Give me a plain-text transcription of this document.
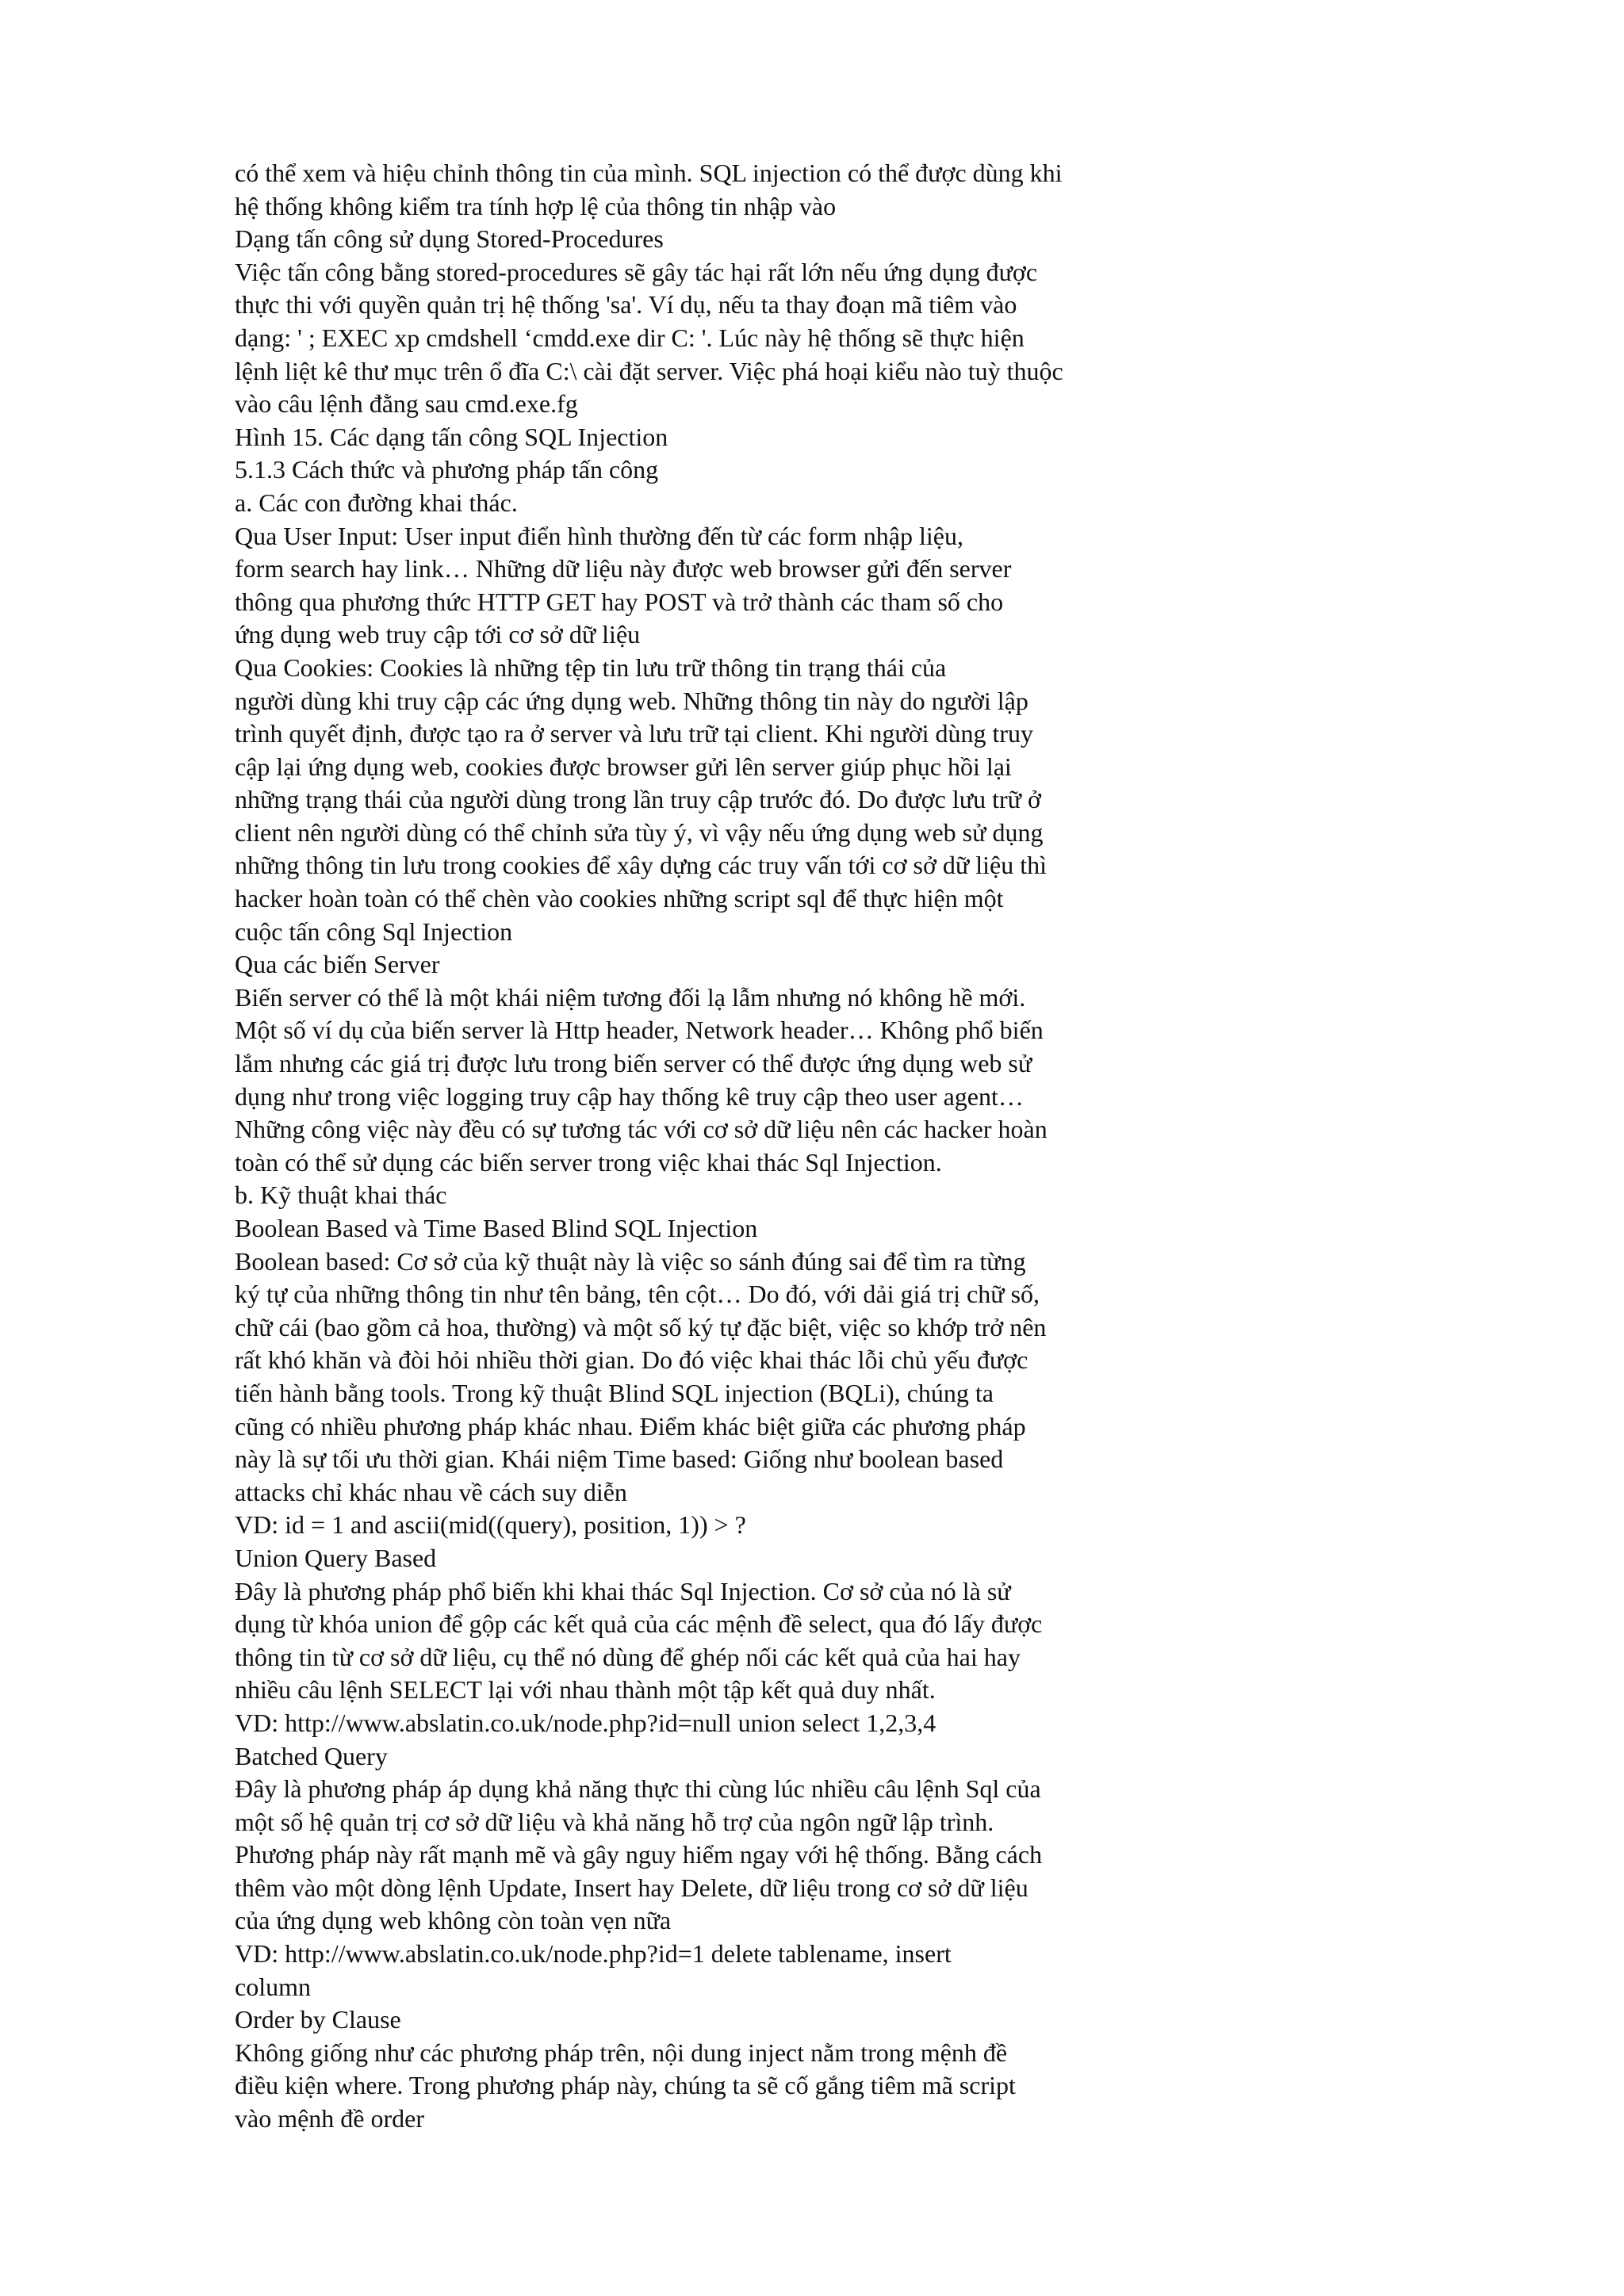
có thể xem và hiệu chỉnh thông tin của mình. SQL injection có thể được dùng khi
hệ thống không kiểm tra tính hợp lệ của thông tin nhập vào
Dạng tấn công sử dụng Stored-Procedures
Việc tấn công bằng stored-procedures sẽ gây tác hại rất lớn nếu ứng dụng được
thực thi với quyền quản trị hệ thống 'sa'. Ví dụ, nếu ta thay đoạn mã tiêm vào
dạng: ' ; EXEC xp cmdshell ‘cmdd.exe dir C: '. Lúc này hệ thống sẽ thực hiện
lệnh liệt kê thư mục trên ổ đĩa C:\ cài đặt server. Việc phá hoại kiểu nào tuỳ thuộc
vào câu lệnh đằng sau cmd.exe.fg
Hình 15. Các dạng tấn công SQL Injection
5.1.3 Cách thức và phương pháp tấn công
a. Các con đường khai thác.
Qua User Input: User input điển hình thường đến từ các form nhập liệu,
form search hay link… Những dữ liệu này được web browser gửi đến server
thông qua phương thức HTTP GET hay POST và trở thành các tham số cho
ứng dụng web truy cập tới cơ sở dữ liệu
Qua Cookies: Cookies là những tệp tin lưu trữ thông tin trạng thái của
người dùng khi truy cập các ứng dụng web. Những thông tin này do người lập
trình quyết định, được tạo ra ở server và lưu trữ tại client. Khi người dùng truy
cập lại ứng dụng web, cookies được browser gửi lên server giúp phục hồi lại
những trạng thái của người dùng trong lần truy cập trước đó. Do được lưu trữ ở
client nên người dùng có thể chỉnh sửa tùy ý, vì vậy nếu ứng dụng web sử dụng
những thông tin lưu trong cookies để xây dựng các truy vấn tới cơ sở dữ liệu thì
hacker hoàn toàn có thể chèn vào cookies những script sql để thực hiện một
cuộc tấn công Sql Injection
Qua các biến Server
Biến server có thể là một khái niệm tương đối lạ lẫm nhưng nó không hề mới.
Một số ví dụ của biến server là Http header, Network header… Không phổ biến
lắm nhưng các giá trị được lưu trong biến server có thể được ứng dụng web sử
dụng như trong việc logging truy cập hay thống kê truy cập theo user agent…
Những công việc này đều có sự tương tác với cơ sở dữ liệu nên các hacker hoàn
toàn có thể sử dụng các biến server trong việc khai thác Sql Injection.
b. Kỹ thuật khai thác
Boolean Based và Time Based Blind SQL Injection
Boolean based: Cơ sở của kỹ thuật này là việc so sánh đúng sai để tìm ra từng
ký tự của những thông tin như tên bảng, tên cột… Do đó, với dải giá trị chữ số,
chữ cái (bao gồm cả hoa, thường) và một số ký tự đặc biệt, việc so khớp trở nên
rất khó khăn và đòi hỏi nhiều thời gian. Do đó việc khai thác lỗi chủ yếu được
tiến hành bằng tools. Trong kỹ thuật Blind SQL injection (BQLi), chúng ta
cũng có nhiều phương pháp khác nhau. Điểm khác biệt giữa các phương pháp
này là sự tối ưu thời gian. Khái niệm Time based: Giống như boolean based
attacks chỉ khác nhau về cách suy diễn
VD: id = 1 and ascii(mid((query), position, 1)) > ?
Union Query Based
Đây là phương pháp phổ biến khi khai thác Sql Injection. Cơ sở của nó là sử
dụng từ khóa union để gộp các kết quả của các mệnh đề select, qua đó lấy được
thông tin từ cơ sở dữ liệu, cụ thể nó dùng để ghép nối các kết quả của hai hay
nhiều câu lệnh SELECT lại với nhau thành một tập kết quả duy nhất.
VD: http://www.abslatin.co.uk/node.php?id=null union select 1,2,3,4
Batched Query
Đây là phương pháp áp dụng khả năng thực thi cùng lúc nhiều câu lệnh Sql của
một số hệ quản trị cơ sở dữ liệu và khả năng hỗ trợ của ngôn ngữ lập trình.
Phương pháp này rất mạnh mẽ và gây nguy hiểm ngay với hệ thống. Bằng cách
thêm vào một dòng lệnh Update, Insert hay Delete, dữ liệu trong cơ sở dữ liệu
của ứng dụng web không còn toàn vẹn nữa
VD: http://www.abslatin.co.uk/node.php?id=1 delete tablename, insert
column
Order by Clause
Không giống như các phương pháp trên, nội dung inject nằm trong mệnh đề
điều kiện where. Trong phương pháp này, chúng ta sẽ cố gắng tiêm mã script
vào mệnh đề order
